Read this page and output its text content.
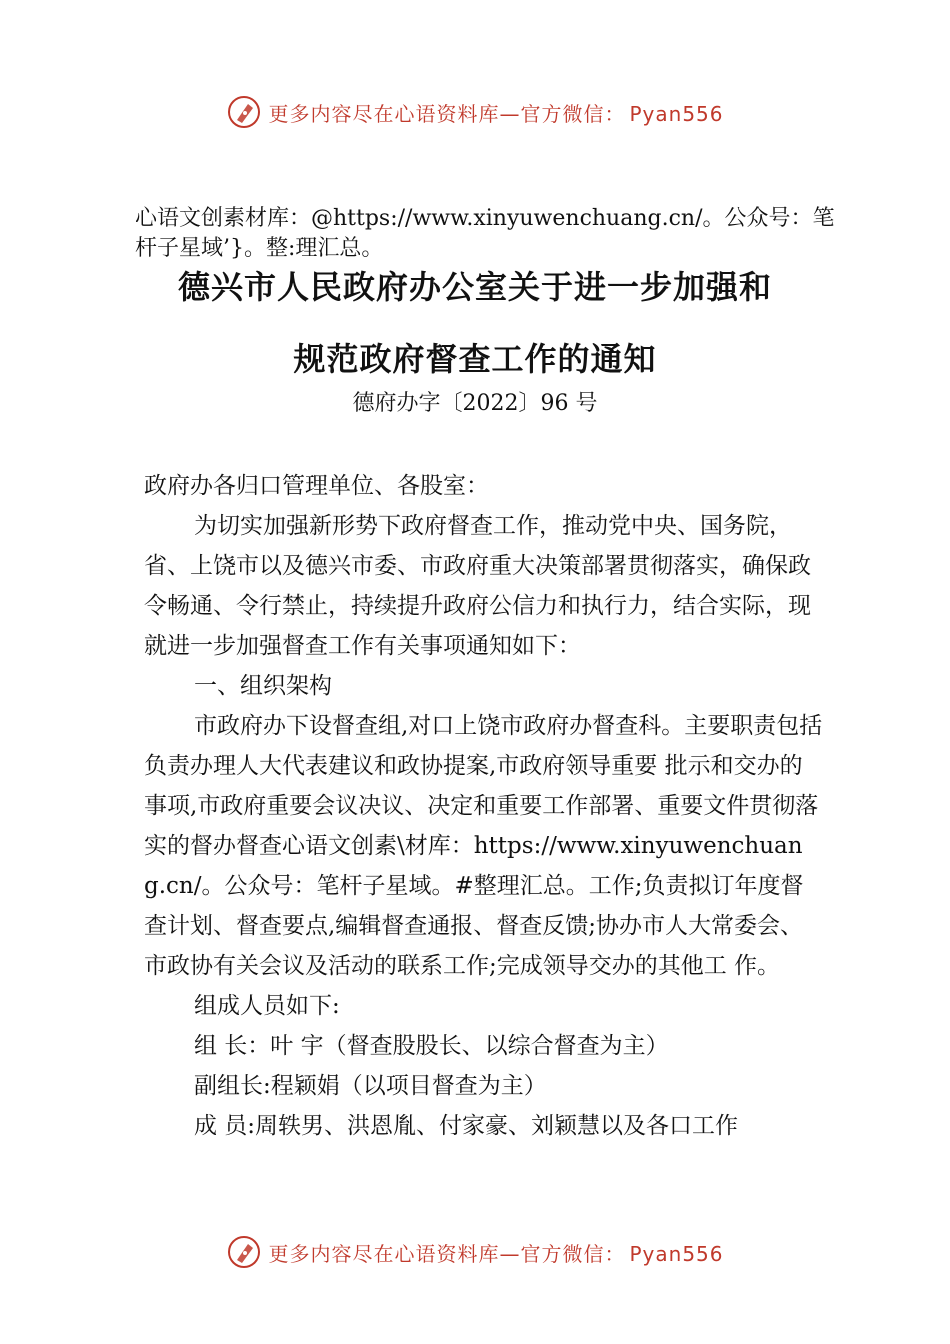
更多内容尽在心语资料库—官方微信： Pyan556
心语文创素材库：@https://www.xinyuwenchuang.cn/。公众号：笔杆子星域’}。整:理汇总。
德兴市人民政府办公室关于进一步加强和
规范政府督查工作的通知
德府办字〔2022〕96 号

政府办各归口管理单位、各股室：

为切实加强新形势下政府督查工作，推动党中央、国务院，省、上饶市以及德兴市委、市政府重大决策部署贯彻落实，确保政令畅通、令行禁止，持续提升政府公信力和执行力，结合实际，现就进一步加强督查工作有关事项通知如下：

一、组织架构

市政府办下设督查组,对口上饶市政府办督查科。主要职责包括负责办理人大代表建议和政协提案,市政府领导重要 批示和交办的事项,市政府重要会议决议、决定和重要工作部署、重要文件贯彻落实的督办督查心语文创素\材库：https://www.xinyuwenchuang.cn/。公众号：笔杆子星域。#整理汇总。工作;负责拟订年度督查计划、督查要点,编辑督查通报、督查反馈;协办市人大常委会、市政协有关会议及活动的联系工作;完成领导交办的其他工 作。

组成人员如下:

组 长：叶 宇（督查股股长、以综合督查为主）

副组长:程颖娟（以项目督查为主）

成 员:周轶男、洪恩胤、付家豪、刘颖慧以及各口工作

更多内容尽在心语资料库—官方微信： Pyan556
